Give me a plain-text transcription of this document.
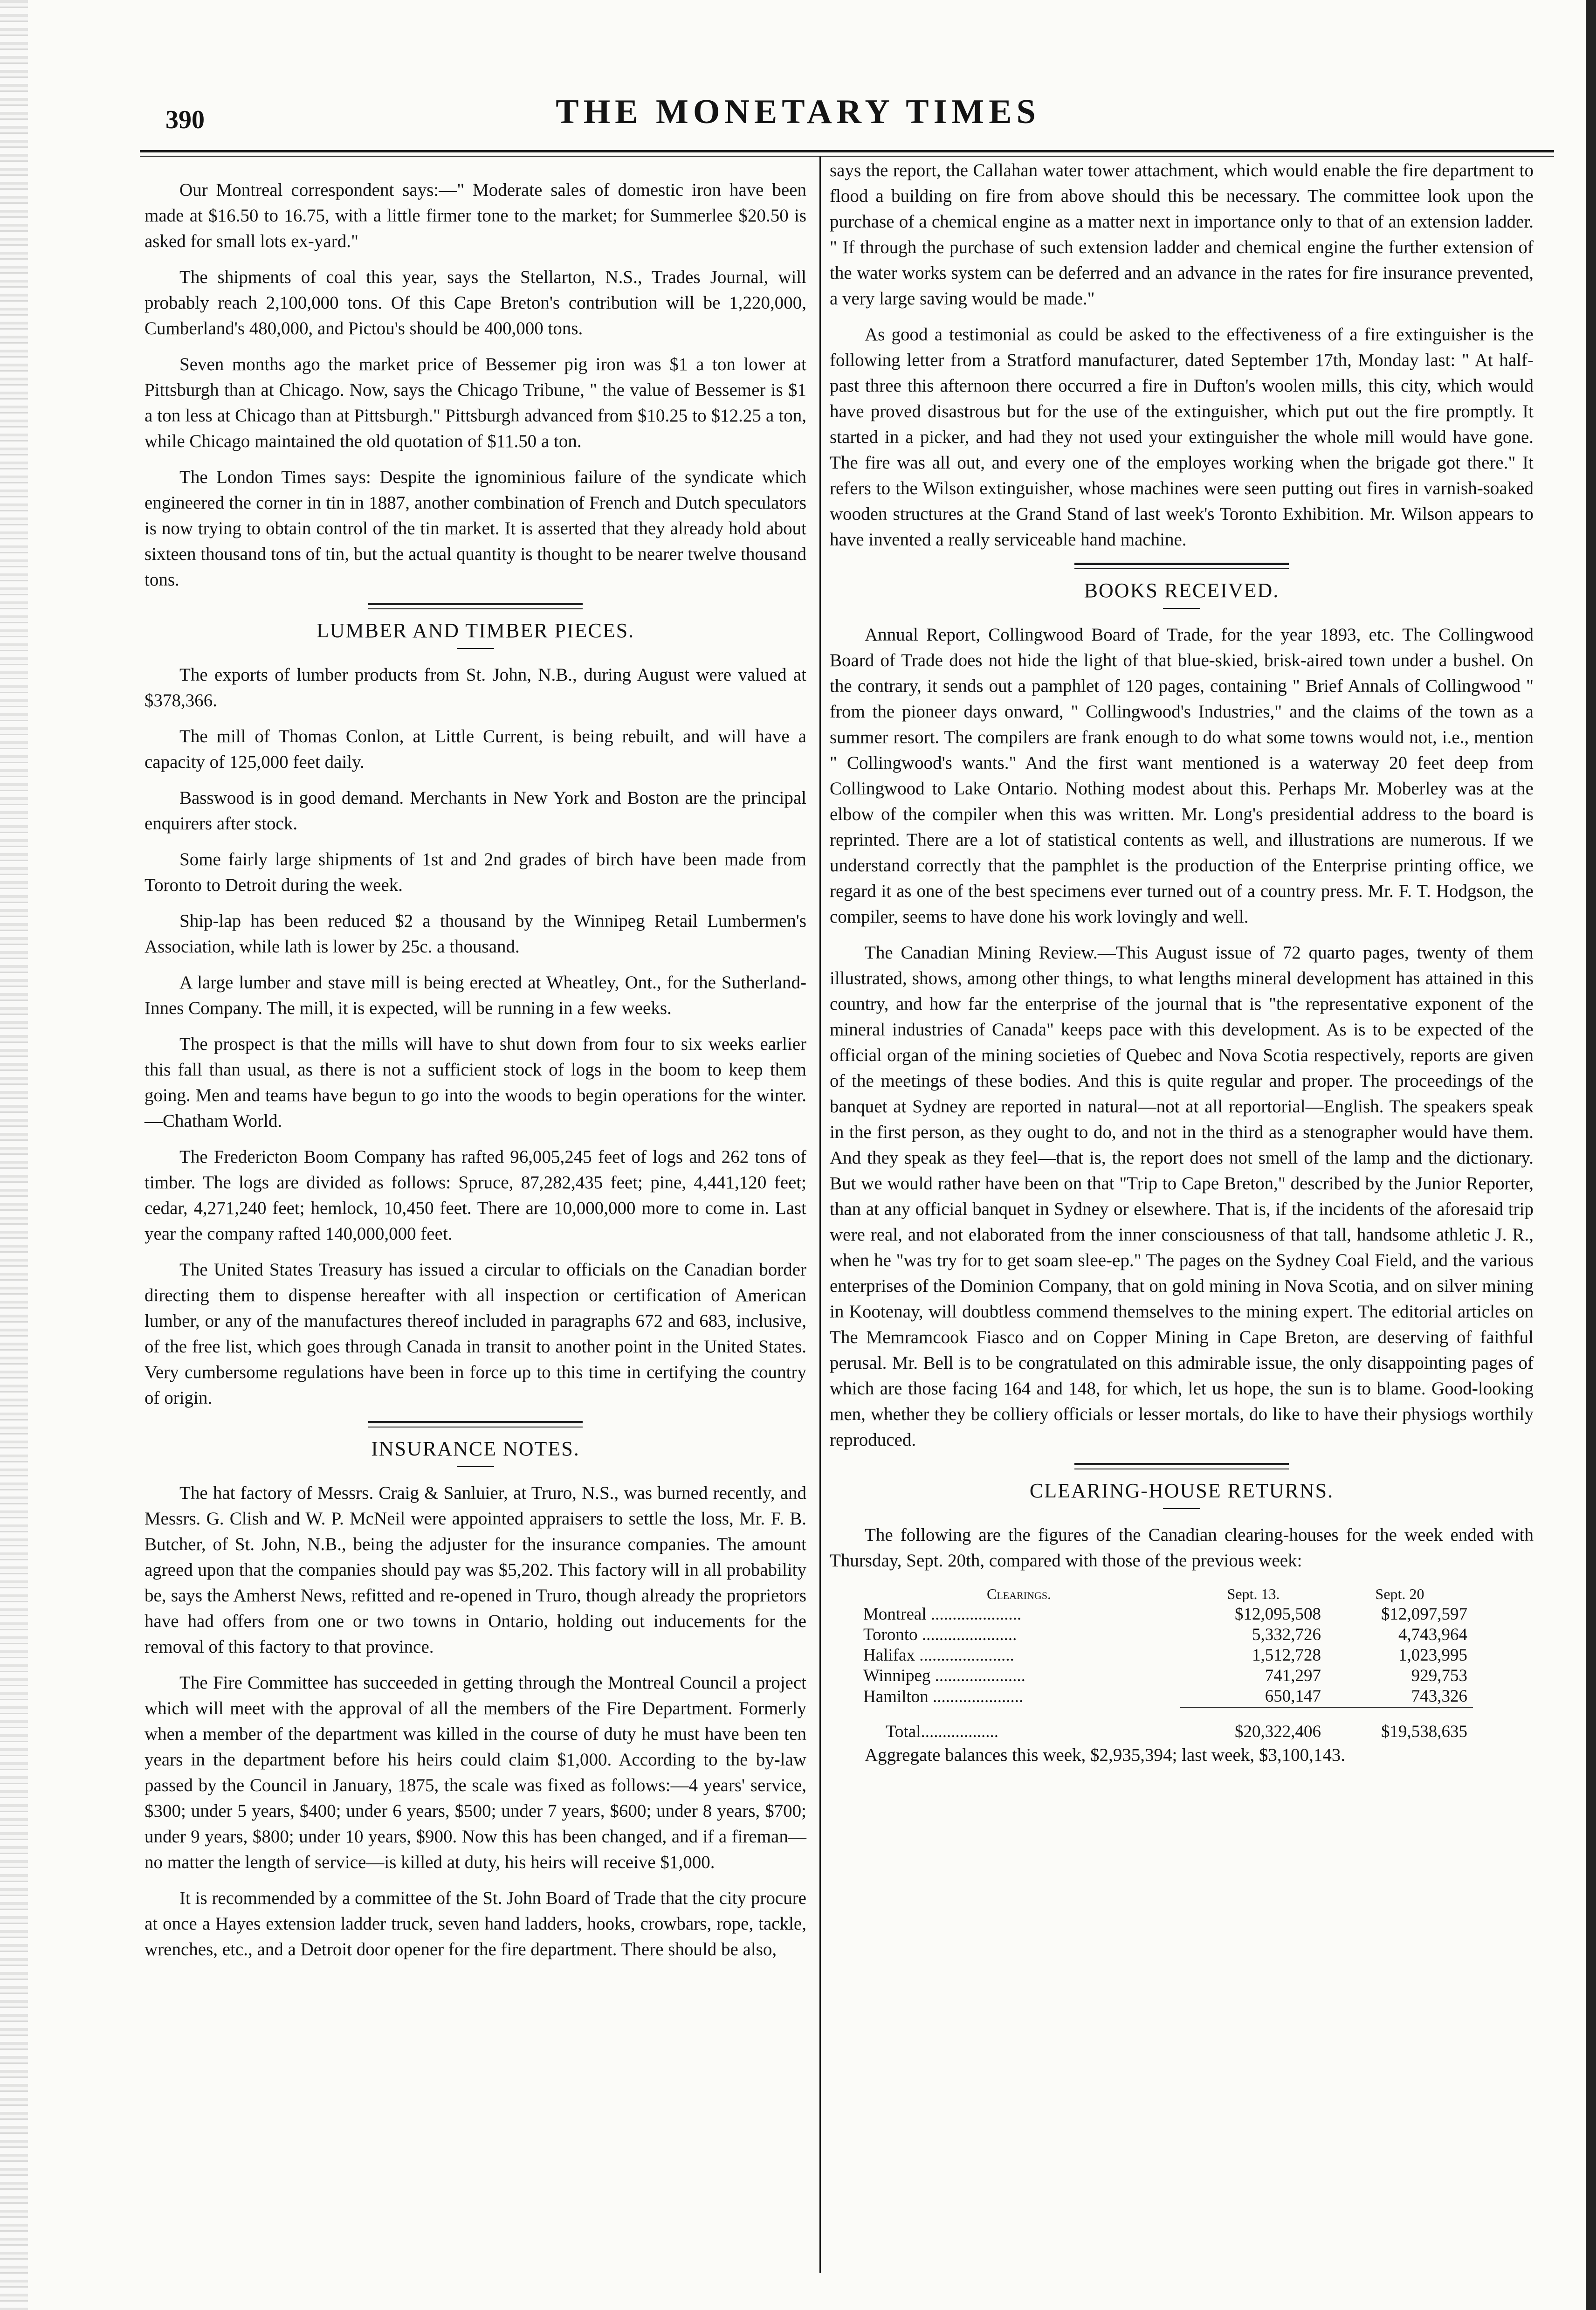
390	THE MONETARY TIMES

Our Montreal correspondent says:—" Moderate sales of domestic iron have been made at $16.50 to 16.75, with a little firmer tone to the market; for Summerlee $20.50 is asked for small lots ex-yard."

The shipments of coal this year, says the Stellarton, N.S., Trades Journal, will probably reach 2,100,000 tons. Of this Cape Breton's contribution will be 1,220,000, Cumberland's 480,000, and Pictou's should be 400,000 tons.

Seven months ago the market price of Bessemer pig iron was $1 a ton lower at Pittsburgh than at Chicago. Now, says the Chicago Tribune, " the value of Bessemer is $1 a ton less at Chicago than at Pittsburgh." Pittsburgh advanced from $10.25 to $12.25 a ton, while Chicago maintained the old quotation of $11.50 a ton.

The London Times says: Despite the ignominious failure of the syndicate which engineered the corner in tin in 1887, another combination of French and Dutch speculators is now trying to obtain control of the tin market. It is asserted that they already hold about sixteen thousand tons of tin, but the actual quantity is thought to be nearer twelve thousand tons.

LUMBER AND TIMBER PIECES.

The exports of lumber products from St. John, N.B., during August were valued at $378,366.

The mill of Thomas Conlon, at Little Current, is being rebuilt, and will have a capacity of 125,000 feet daily.

Basswood is in good demand. Merchants in New York and Boston are the principal enquirers after stock.

Some fairly large shipments of 1st and 2nd grades of birch have been made from Toronto to Detroit during the week.

Ship-lap has been reduced $2 a thousand by the Winnipeg Retail Lumbermen's Association, while lath is lower by 25c. a thousand.

A large lumber and stave mill is being erected at Wheatley, Ont., for the Sutherland-Innes Company. The mill, it is expected, will be running in a few weeks.

The prospect is that the mills will have to shut down from four to six weeks earlier this fall than usual, as there is not a sufficient stock of logs in the boom to keep them going. Men and teams have begun to go into the woods to begin operations for the winter.—Chatham World.

The Fredericton Boom Company has rafted 96,005,245 feet of logs and 262 tons of timber. The logs are divided as follows: Spruce, 87,282,435 feet; pine, 4,441,120 feet; cedar, 4,271,240 feet; hemlock, 10,450 feet. There are 10,000,000 more to come in. Last year the company rafted 140,000,000 feet.

The United States Treasury has issued a circular to officials on the Canadian border directing them to dispense hereafter with all inspection or certification of American lumber, or any of the manufactures thereof included in paragraphs 672 and 683, inclusive, of the free list, which goes through Canada in transit to another point in the United States. Very cumbersome regulations have been in force up to this time in certifying the country of origin.

INSURANCE NOTES.

The hat factory of Messrs. Craig & Sanluier, at Truro, N.S., was burned recently, and Messrs. G. Clish and W. P. McNeil were appointed appraisers to settle the loss, Mr. F. B. Butcher, of St. John, N.B., being the adjuster for the insurance companies. The amount agreed upon that the companies should pay was $5,202. This factory will in all probability be, says the Amherst News, refitted and re-opened in Truro, though already the proprietors have had offers from one or two towns in Ontario, holding out inducements for the removal of this factory to that province.

The Fire Committee has succeeded in getting through the Montreal Council a project which will meet with the approval of all the members of the Fire Department. Formerly when a member of the department was killed in the course of duty he must have been ten years in the department before his heirs could claim $1,000. According to the by-law passed by the Council in January, 1875, the scale was fixed as follows:—4 years' service, $300; under 5 years, $400; under 6 years, $500; under 7 years, $600; under 8 years, $700; under 9 years, $800; under 10 years, $900. Now this has been changed, and if a fireman—no matter the length of service—is killed at duty, his heirs will receive $1,000.

It is recommended by a committee of the St. John Board of Trade that the city procure at once a Hayes extension ladder truck, seven hand ladders, hooks, crowbars, rope, tackle, wrenches, etc., and a Detroit door opener for the fire department. There should be also,

says the report, the Callahan water tower attachment, which would enable the fire department to flood a building on fire from above should this be necessary. The committee look upon the purchase of a chemical engine as a matter next in importance only to that of an extension ladder. " If through the purchase of such extension ladder and chemical engine the further extension of the water works system can be deferred and an advance in the rates for fire insurance prevented, a very large saving would be made."

As good a testimonial as could be asked to the effectiveness of a fire extinguisher is the following letter from a Stratford manufacturer, dated September 17th, Monday last: " At half-past three this afternoon there occurred a fire in Dufton's woolen mills, this city, which would have proved disastrous but for the use of the extinguisher, which put out the fire promptly. It started in a picker, and had they not used your extinguisher the whole mill would have gone. The fire was all out, and every one of the employes working when the brigade got there." It refers to the Wilson extinguisher, whose machines were seen putting out fires in varnish-soaked wooden structures at the Grand Stand of last week's Toronto Exhibition. Mr. Wilson appears to have invented a really serviceable hand machine.

BOOKS RECEIVED.

Annual Report, Collingwood Board of Trade, for the year 1893, etc. The Collingwood Board of Trade does not hide the light of that blue-skied, brisk-aired town under a bushel. On the contrary, it sends out a pamphlet of 120 pages, containing " Brief Annals of Collingwood " from the pioneer days onward, " Collingwood's Industries," and the claims of the town as a summer resort. The compilers are frank enough to do what some towns would not, i.e., mention " Collingwood's wants." And the first want mentioned is a waterway 20 feet deep from Collingwood to Lake Ontario. Nothing modest about this. Perhaps Mr. Moberley was at the elbow of the compiler when this was written. Mr. Long's presidential address to the board is reprinted. There are a lot of statistical contents as well, and illustrations are numerous. If we understand correctly that the pamphlet is the production of the Enterprise printing office, we regard it as one of the best specimens ever turned out of a country press. Mr. F. T. Hodgson, the compiler, seems to have done his work lovingly and well.

The Canadian Mining Review.—This August issue of 72 quarto pages, twenty of them illustrated, shows, among other things, to what lengths mineral development has attained in this country, and how far the enterprise of the journal that is "the representative exponent of the mineral industries of Canada" keeps pace with this development. As is to be expected of the official organ of the mining societies of Quebec and Nova Scotia respectively, reports are given of the meetings of these bodies. And this is quite regular and proper. The proceedings of the banquet at Sydney are reported in natural—not at all reportorial—English. The speakers speak in the first person, as they ought to do, and not in the third as a stenographer would have them. And they speak as they feel—that is, the report does not smell of the lamp and the dictionary. But we would rather have been on that "Trip to Cape Breton," described by the Junior Reporter, than at any official banquet in Sydney or elsewhere. That is, if the incidents of the aforesaid trip were real, and not elaborated from the inner consciousness of that tall, handsome athletic J. R., when he "was try for to get soam slee-ep." The pages on the Sydney Coal Field, and the various enterprises of the Dominion Company, that on gold mining in Nova Scotia, and on silver mining in Kootenay, will doubtless commend themselves to the mining expert. The editorial articles on The Memramcook Fiasco and on Copper Mining in Cape Breton, are deserving of faithful perusal. Mr. Bell is to be congratulated on this admirable issue, the only disappointing pages of which are those facing 164 and 148, for which, let us hope, the sun is to blame. Good-looking men, whether they be colliery officials or lesser mortals, do like to have their physiogs worthily reproduced.

CLEARING-HOUSE RETURNS.

The following are the figures of the Canadian clearing-houses for the week ended with Thursday, Sept. 20th, compared with those of the previous week:

Clearings.	Sept. 13.	Sept. 20
Montreal .....................	$12,095,508	$12,097,597
Toronto ......................	5,332,726	4,743,964
Halifax ......................	1,512,728	1,023,995
Winnipeg .....................	741,297	929,753
Hamilton .....................	650,147	743,326
Total..................	$20,322,406	$19,538,635

Aggregate balances this week, $2,935,394; last week, $3,100,143.
